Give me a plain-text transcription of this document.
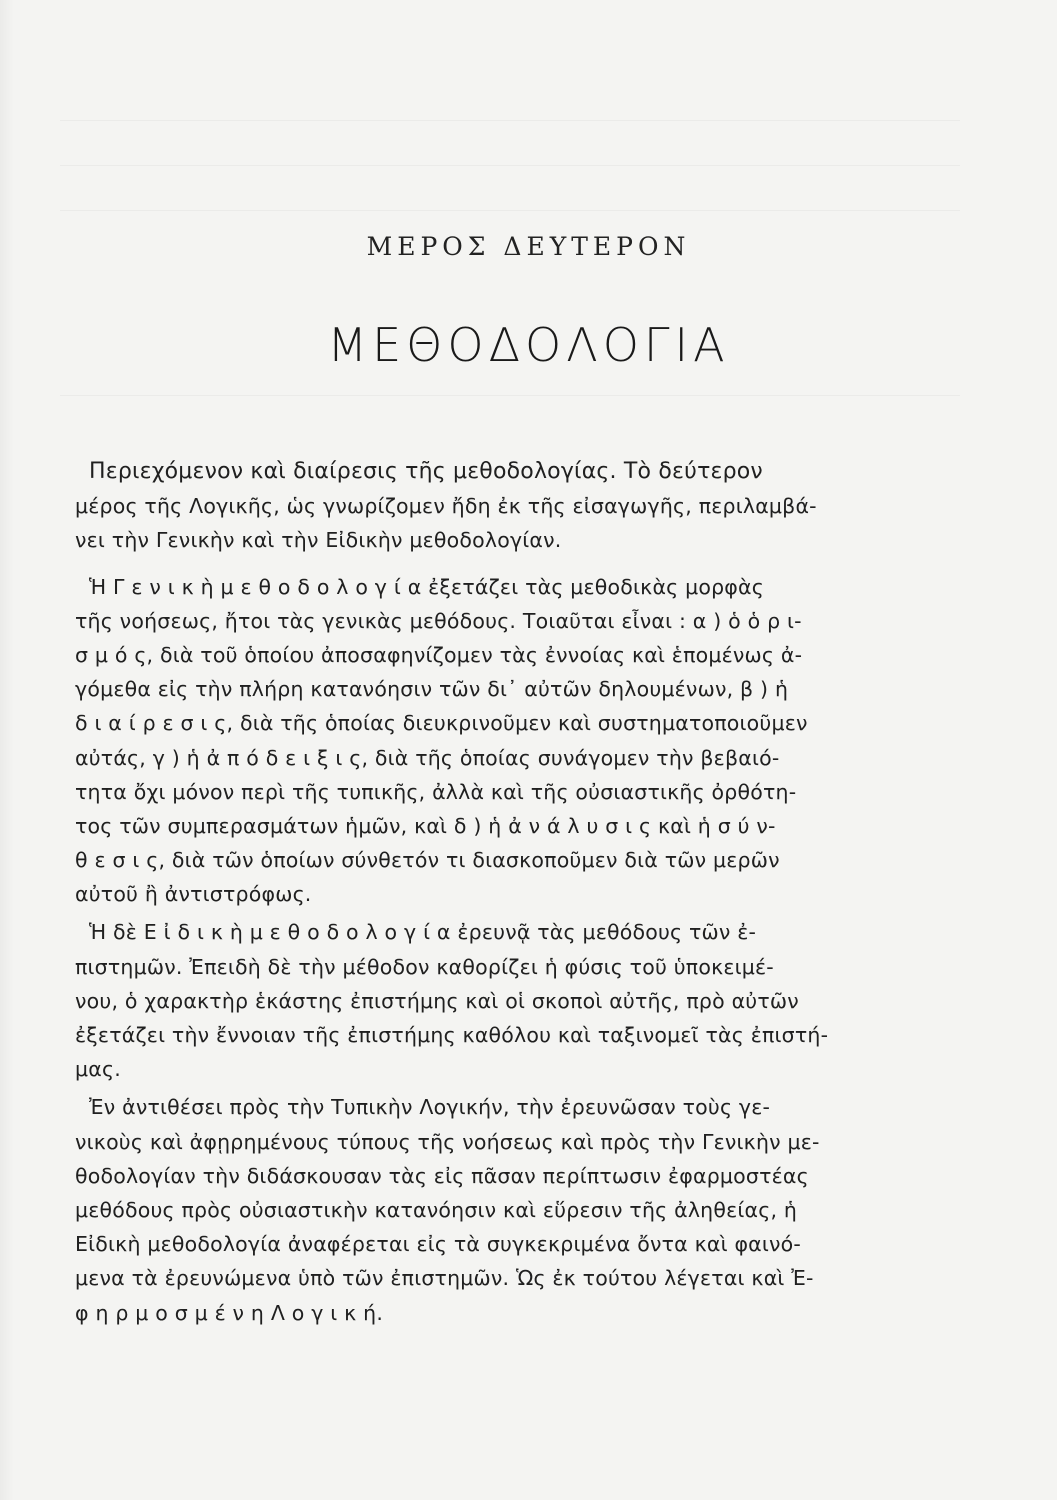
ΜΕΡΟΣ ΔΕΥΤΕΡΟΝ
ΜΕΘΟΔΟΛΟΓΙΑ
Περιεχόμενον καὶ διαίρεσις τῆς μεθοδολογίας. Τὸ δεύτερον
μέρος τῆς Λογικῆς, ὡς γνωρίζομεν ἤδη ἐκ τῆς εἰσαγωγῆς, περιλαμβά-
νει τὴν Γενικὴν καὶ τὴν Εἰδικὴν μεθοδολογίαν.
Ἡ Γ ε ν ι κ ὴ μ ε θ ο δ ο λ ο γ ί α ἐξετάζει τὰς μεθοδικὰς μορφὰς
τῆς νοήσεως, ἤτοι τὰς γενικὰς μεθόδους. Τοιαῦται εἶναι : α ) ὁ ὁ ρ ι-
σ μ ό ς, διὰ τοῦ ὁποίου ἀποσαφηνίζομεν τὰς ἐννοίας καὶ ἑπομένως ἀ-
γόμεθα εἰς τὴν πλήρη κατανόησιν τῶν δι᾽ αὐτῶν δηλουμένων, β ) ἡ
δ ι α ί ρ ε σ ι ς, διὰ τῆς ὁποίας διευκρινοῦμεν καὶ συστηματοποιοῦμεν
αὐτάς, γ ) ἡ ἀ π ό δ ε ι ξ ι ς, διὰ τῆς ὁποίας συνάγομεν τὴν βεβαιό-
τητα ὄχι μόνον περὶ τῆς τυπικῆς, ἀλλὰ καὶ τῆς οὐσιαστικῆς ὀρθότη-
τος τῶν συμπερασμάτων ἡμῶν, καὶ δ ) ἡ ἀ ν ά λ υ σ ι ς καὶ ἡ σ ύ ν-
θ ε σ ι ς, διὰ τῶν ὁποίων σύνθετόν τι διασκοποῦμεν διὰ τῶν μερῶν
αὐτοῦ ἢ ἀντιστρόφως.
Ἡ δὲ Ε ἰ δ ι κ ὴ μ ε θ ο δ ο λ ο γ ί α ἐρευνᾷ τὰς μεθόδους τῶν ἐ-
πιστημῶν. Ἐπειδὴ δὲ τὴν μέθοδον καθορίζει ἡ φύσις τοῦ ὑποκειμέ-
νου, ὁ χαρακτὴρ ἑκάστης ἐπιστήμης καὶ οἱ σκοποὶ αὐτῆς, πρὸ αὐτῶν
ἐξετάζει τὴν ἔννοιαν τῆς ἐπιστήμης καθόλου καὶ ταξινομεῖ τὰς ἐπιστή-
μας.
Ἐν ἀντιθέσει πρὸς τὴν Τυπικὴν Λογικήν, τὴν ἐρευνῶσαν τοὺς γε-
νικοὺς καὶ ἀφῃρημένους τύπους τῆς νοήσεως καὶ πρὸς τὴν Γενικὴν με-
θοδολογίαν τὴν διδάσκουσαν τὰς εἰς πᾶσαν περίπτωσιν ἐφαρμοστέας
μεθόδους πρὸς οὐσιαστικὴν κατανόησιν καὶ εὕρεσιν τῆς ἀληθείας, ἡ
Εἰδικὴ μεθοδολογία ἀναφέρεται εἰς τὰ συγκεκριμένα ὄντα καὶ φαινό-
μενα τὰ ἐρευνώμενα ὑπὸ τῶν ἐπιστημῶν. Ὡς ἐκ τούτου λέγεται καὶ Ἐ-
φ η ρ μ ο σ μ έ ν η Λ ο γ ι κ ή.
